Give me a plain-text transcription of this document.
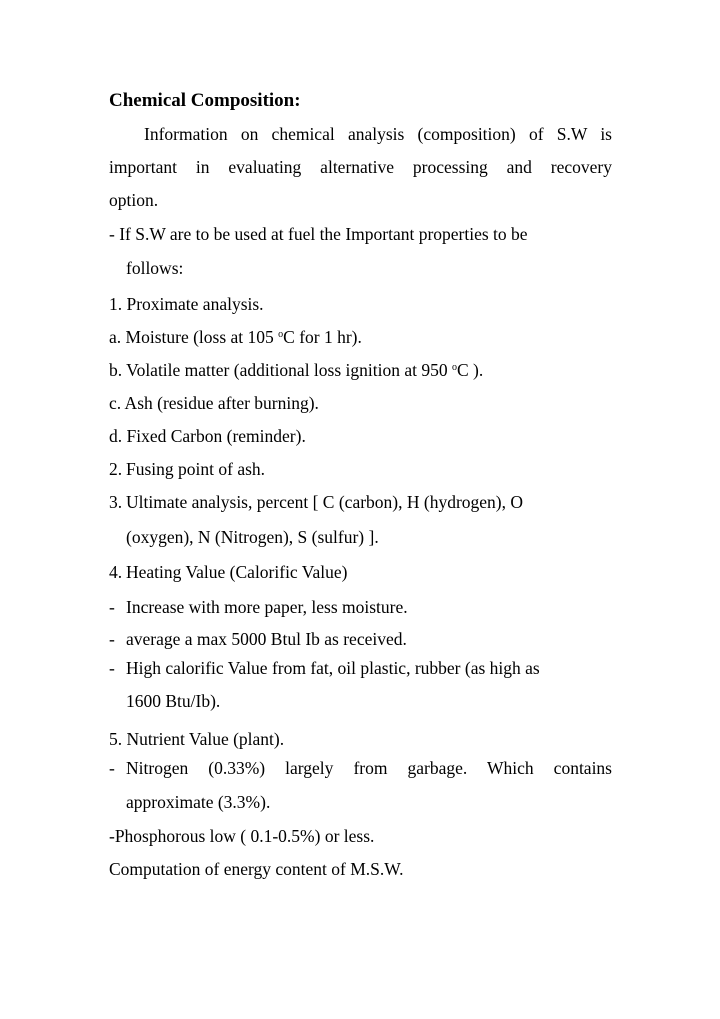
Chemical Composition:
Information on chemical analysis (composition) of S.W is
important in evaluating alternative processing and recovery
option.
- If S.W are to be used at fuel the Important properties to be
follows:
1. Proximate analysis.
a. Moisture (loss at 105 $^o$C for 1 hr).
b. Volatile matter (additional loss ignition at 950 $^o$C ).
c. Ash (residue after burning).
d. Fixed Carbon (reminder).
2. Fusing point of ash.
3. Ultimate analysis, percent [ C (carbon), H (hydrogen), O
(oxygen), N (Nitrogen), S (sulfur) ].
4. Heating Value (Calorific Value)
- Increase with more paper, less moisture.
- average a max 5000 Btul Ib as received.
- High calorific Value from fat, oil plastic, rubber (as high as
1600 Btu/Ib).
5. Nutrient Value (plant).
- Nitrogen (0.33%) largely from garbage. Which contains
approximate (3.3%).
-Phosphorous low ( 0.1-0.5%) or less.
Computation of energy content of M.S.W.
